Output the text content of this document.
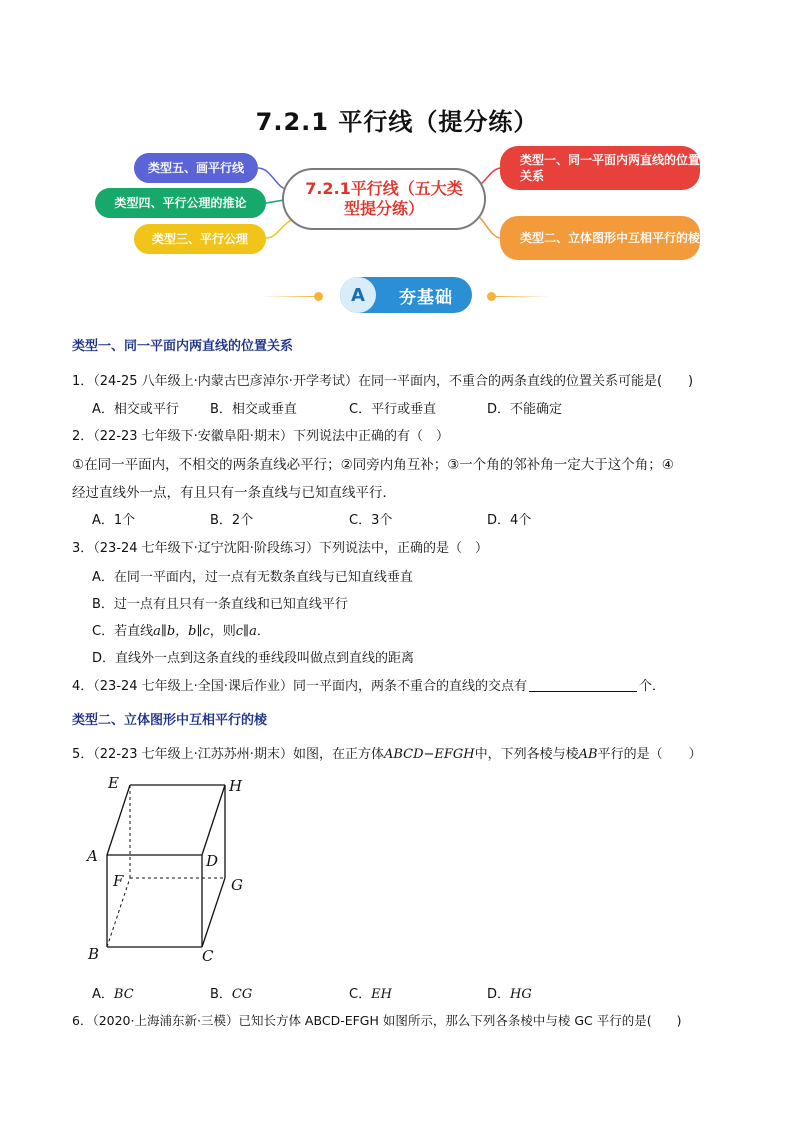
7.2.1 平行线（提分练）
类型五、画平行线
类型四、平行公理的推论
类型三、平行公理
类型一、同一平面内两直线的位置关系
类型二、立体图形中互相平行的棱
7.2.1平行线（五大类型提分练）
A	夯基础
类型一、同一平面内两直线的位置关系
1．（24-25 八年级上·内蒙古巴彦淖尔·开学考试）在同一平面内，不重合的两条直线的位置关系可能是(　　)
A．相交或平行 B．相交或垂直	C．平行或垂直	D．不能确定
2．（22-23 七年级下·安徽阜阳·期末）下列说法中正确的有（　）
①在同一平面内，不相交的两条直线必平行；②同旁内角互补；③一个角的邻补角一定大于这个角；④
经过直线外一点，有且只有一条直线与已知直线平行．
A．1个	B．2个	C．3个	D．4个
3．（23-24 七年级下·辽宁沈阳·阶段练习）下列说法中，正确的是（　）
A．在同一平面内，过一点有无数条直线与已知直线垂直
B．过一点有且只有一条直线和已知直线平行
C．若直线a∥b，b∥c，则c∥a．
D．直线外一点到这条直线的垂线段叫做点到直线的距离
4．（23-24 七年级上·全国·课后作业）同一平面内，两条不重合的直线的交点有	个．
类型二、立体图形中互相平行的棱
5．（22-23 七年级上·江苏苏州·期末）如图，在正方体ABCD−EFGH中，下列各棱与棱AB平行的是（　　）
E	H
A	D
F	G
B	C
A．BC	B．CG	C．EH	D．HG
6．（2020·上海浦东新·三模）已知长方体 ABCD-EFGH 如图所示，那么下列各条棱中与棱 GC 平行的是(　　)
